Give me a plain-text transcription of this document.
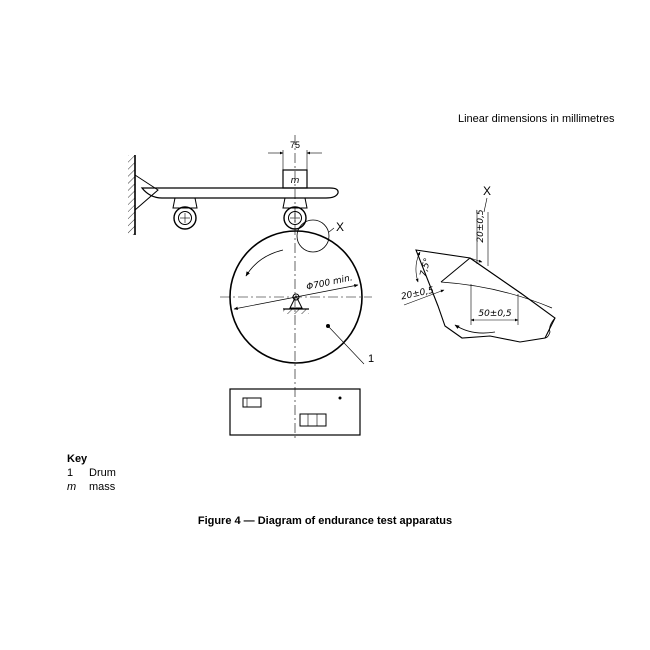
Linear dimensions in millimetres
m
75
X
Φ700 min.
1
X
20±0,5
7,5°
20±0,5
50±0,5
Key
1	Drum
m	mass
Figure 4 — Diagram of endurance test apparatus
